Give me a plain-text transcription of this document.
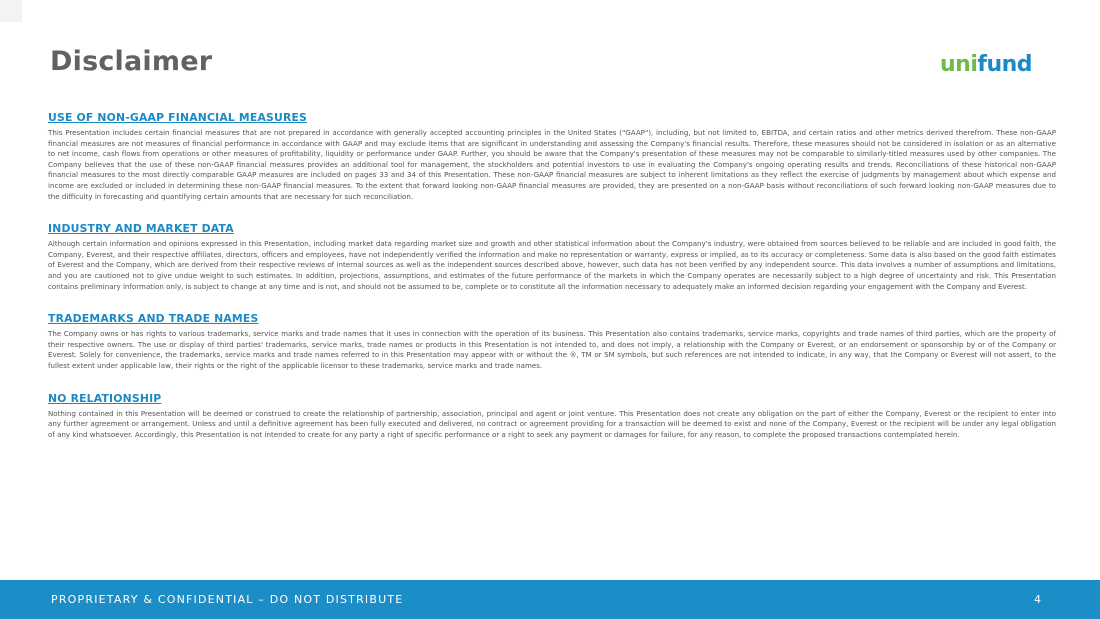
Disclaimer	unifund
USE OF NON-GAAP FINANCIAL MEASURES

This Presentation includes certain financial measures that are not prepared in accordance with generally accepted accounting principles in the United States ("GAAP"), including, but not limited to, EBITDA, and certain ratios and other metrics derived therefrom. These non-GAAP financial measures are not measures of financial performance in accordance with GAAP and may exclude items that are significant in understanding and assessing the Company's financial results. Therefore, these measures should not be considered in isolation or as an alternative to net income, cash flows from operations or other measures of profitability, liquidity or performance under GAAP. Further, you should be aware that the Company's presentation of these measures may not be comparable to similarly-titled measures used by other companies. The Company believes that the use of these non-GAAP financial measures provides an additional tool for management, the stockholders and potential investors to use in evaluating the Company's ongoing operating results and trends. Reconciliations of these historical non-GAAP financial measures to the most directly comparable GAAP measures are included on pages 33 and 34 of this Presentation. These non-GAAP financial measures are subject to inherent limitations as they reflect the exercise of judgments by management about which expense and income are excluded or included in determining these non-GAAP financial measures. To the extent that forward looking non-GAAP financial measures are provided, they are presented on a non-GAAP basis without reconciliations of such forward looking non-GAAP measures due to the difficulty in forecasting and quantifying certain amounts that are necessary for such reconciliation.

INDUSTRY AND MARKET DATA

Although certain information and opinions expressed in this Presentation, including market data regarding market size and growth and other statistical information about the Company's industry, were obtained from sources believed to be reliable and are included in good faith, the Company, Everest, and their respective affiliates, directors, officers and employees, have not independently verified the information and make no representation or warranty, express or implied, as to its accuracy or completeness. Some data is also based on the good faith estimates of Everest and the Company, which are derived from their respective reviews of internal sources as well as the independent sources described above, however, such data has not been verified by any independent source. This data involves a number of assumptions and limitations, and you are cautioned not to give undue weight to such estimates. In addition, projections, assumptions, and estimates of the future performance of the markets in which the Company operates are necessarily subject to a high degree of uncertainty and risk. This Presentation contains preliminary information only, is subject to change at any time and is not, and should not be assumed to be, complete or to constitute all the information necessary to adequately make an informed decision regarding your engagement with the Company and Everest.

TRADEMARKS AND TRADE NAMES

The Company owns or has rights to various trademarks, service marks and trade names that it uses in connection with the operation of its business. This Presentation also contains trademarks, service marks, copyrights and trade names of third parties, which are the property of their respective owners. The use or display of third parties' trademarks, service marks, trade names or products in this Presentation is not intended to, and does not imply, a relationship with the Company or Everest, or an endorsement or sponsorship by or of the Company or Everest. Solely for convenience, the trademarks, service marks and trade names referred to in this Presentation may appear with or without the ®, TM or SM symbols, but such references are not intended to indicate, in any way, that the Company or Everest will not assert, to the fullest extent under applicable law, their rights or the right of the applicable licensor to these trademarks, service marks and trade names.

NO RELATIONSHIP

Nothing contained in this Presentation will be deemed or construed to create the relationship of partnership, association, principal and agent or joint venture. This Presentation does not create any obligation on the part of either the Company, Everest or the recipient to enter into any further agreement or arrangement. Unless and until a definitive agreement has been fully executed and delivered, no contract or agreement providing for a transaction will be deemed to exist and none of the Company, Everest or the recipient will be under any legal obligation of any kind whatsoever. Accordingly, this Presentation is not intended to create for any party a right of specific performance or a right to seek any payment or damages for failure, for any reason, to complete the proposed transactions contemplated herein.

PROPRIETARY & CONFIDENTIAL – DO NOT DISTRIBUTE	4
